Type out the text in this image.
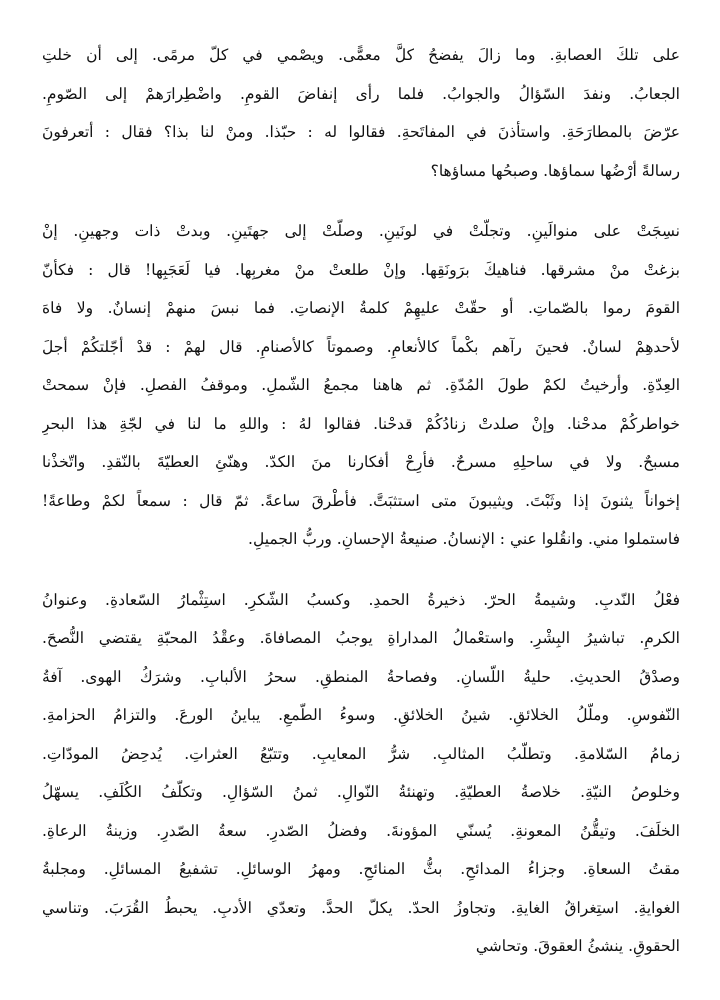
على تلكَ العصابةِ. وما زالَ يفضحُ كلَّ معمًّى. ويصْمي في كلّ مرمًى. إلى أن خلتِ
الجعابُ. ونفدَ السّؤالُ والجوابُ. فلما رأى إنفاضَ القومِ. واضْطِرارَهمْ إلى الصّومِ.
عرّضَ بالمطارَحَةِ. واستأذنَ في المفاتَحةِ. فقالوا له : حبّذا. ومنْ لنا بذا؟ فقال : أتعرفونَ
رسالةً أرْضُها سماؤها. وصبحُها مساؤها؟
نسِجَتْ على منوالَينِ. وتجلّتْ في لونَينِ. وصلّتْ إلى جهتَينِ. وبدتْ ذات وجهينِ. إنْ
بزغتْ منْ مشرقها. فناهيكَ برَونَقِها. وإنْ طلعتْ منْ مغربِها. فيا لَعَجَبِها! قال : فكأنّ
القومَ رموا بالصّماتِ. أو حقّتْ عليهِمْ كلمةُ الإنصاتِ. فما نبسَ منهمْ إنسانٌ. ولا فاهَ
لأحدهِمْ لسانٌ. فحينَ رآهم بكْماً كالأنعامِ. وصموتاً كالأصنامِ. قال لهمْ : قدْ أجّلتكُمْ أجلَ
العِدّةِ. وأرخيتُ لكمْ طولَ المُدّةِ. ثم هاهنا مجمعُ الشّملِ. وموقفُ الفصلِ. فإنْ سمحتْ
خواطركُمْ مدحْنا. وإنْ صلدتْ زنادُكُمْ قدحْنا. فقالوا لهُ : واللهِ ما لنا في لجّةِ هذا البحرِ
مسبحٌ. ولا في ساحلِهِ مسرحٌ. فأرِحْ أفكارنا منَ الكدّ. وهنّئِ العطيّةَ بالنّقدِ. واتّخذْنا
إخواناً يثنونَ إذا وثَبْتَ. ويثيبونَ متى استثبَتَّ. فأطْرقَ ساعةً. ثمّ قال : سمعاً لكمْ وطاعةً!
فاستملوا مني. وانقُلوا عني : الإنسانُ. صنيعةُ الإحسانِ. وربُّ الجميلِ.
فعْلُ النّدبِ. وشيمةُ الحرّ. ذخيرةُ الحمدِ. وكسبُ الشّكرِ. استِثْمارُ السّعادةِ. وعنوانُ
الكرمِ. تباشيرُ البِشْرِ. واستعْمالُ المداراةِ يوجبُ المصافاةَ. وعقْدُ المحبّةِ يقتضي النُّصحَ.
وصدْقُ الحديثِ. حليةُ اللّسانِ. وفصاحةُ المنطقِ. سحرُ الألبابِ. وشرَكُ الهوى. آفةُ
النّفوسِ. وملّلُ الخلائقِ. شينُ الخلائقِ. وسوءُ الطّمعِ. يباينُ الورعَ. والتزامُ الحزامةِ.
زمامُ السّلامةِ. وتطلّبُ المثالبِ. شرُّ المعايبِ. وتتبّعُ العثراتِ. يُدحِضُ المودّاتِ.
وخلوصُ النيّةِ. خلاصةُ العطيّةِ. وتهنئةُ النّوالِ. ثمنُ السّؤالِ. وتكلّفُ الكُلَفِ. يسهّلُ
الخلَفَ. وتيقُّنُ المعونةِ. يُسنّي المؤونةَ. وفضلُ الصّدرِ. سعةُ الصّدرِ. وزينةُ الرعاةِ.
مقتُ السعاةِ. وجزاءُ المدائحِ. بثُّ المنائحِ. ومهرُ الوسائلِ. تشفيعُ المسائلِ. ومجلبةُ
الغوايةِ. استِغراقُ الغايةِ. وتجاوزُ الحدّ. يكلّ الحدَّ. وتعدّي الأدبِ. يحبطُ القُرَبَ. وتناسي
الحقوقِ. ينشئُ العقوقَ. وتحاشي
